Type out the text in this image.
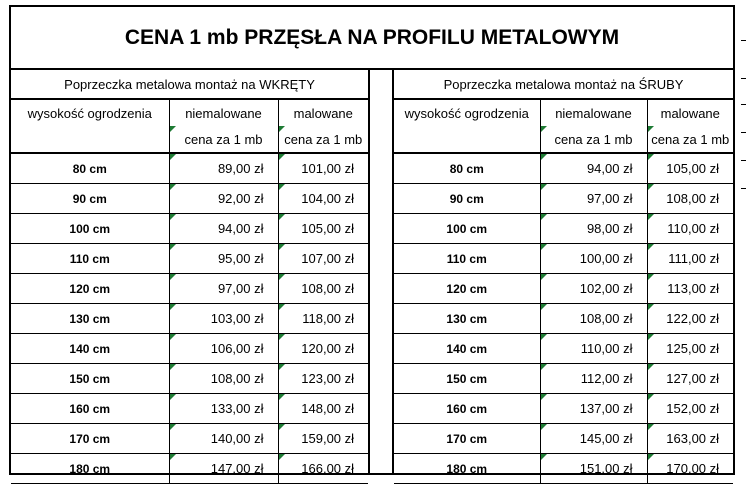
CENA 1 mb PRZĘSŁA NA PROFILU METALOWYM
Poprzeczka metalowa montaż na WKRĘTY		
wysokość ogrodzenia	niemalowane	malowane
	cena za 1 mb	cena za 1 mb
80 cm	89,00 zł	101,00 zł
90 cm	92,00 zł	104,00 zł
100 cm	94,00 zł	105,00 zł
110 cm	95,00 zł	107,00 zł
120 cm	97,00 zł	108,00 zł
130 cm	103,00 zł	118,00 zł
140 cm	106,00 zł	120,00 zł
150 cm	108,00 zł	123,00 zł
160 cm	133,00 zł	148,00 zł
170 cm	140,00 zł	159,00 zł
180 cm	147,00 zł	166,00 zł
Poprzeczka metalowa montaż na ŚRUBY		
wysokość ogrodzenia	niemalowane	malowane
	cena za 1 mb	cena za 1 mb
80 cm	94,00 zł	105,00 zł
90 cm	97,00 zł	108,00 zł
100 cm	98,00 zł	110,00 zł
110 cm	100,00 zł	111,00 zł
120 cm	102,00 zł	113,00 zł
130 cm	108,00 zł	122,00 zł
140 cm	110,00 zł	125,00 zł
150 cm	112,00 zł	127,00 zł
160 cm	137,00 zł	152,00 zł
170 cm	145,00 zł	163,00 zł
180 cm	151,00 zł	170,00 zł
